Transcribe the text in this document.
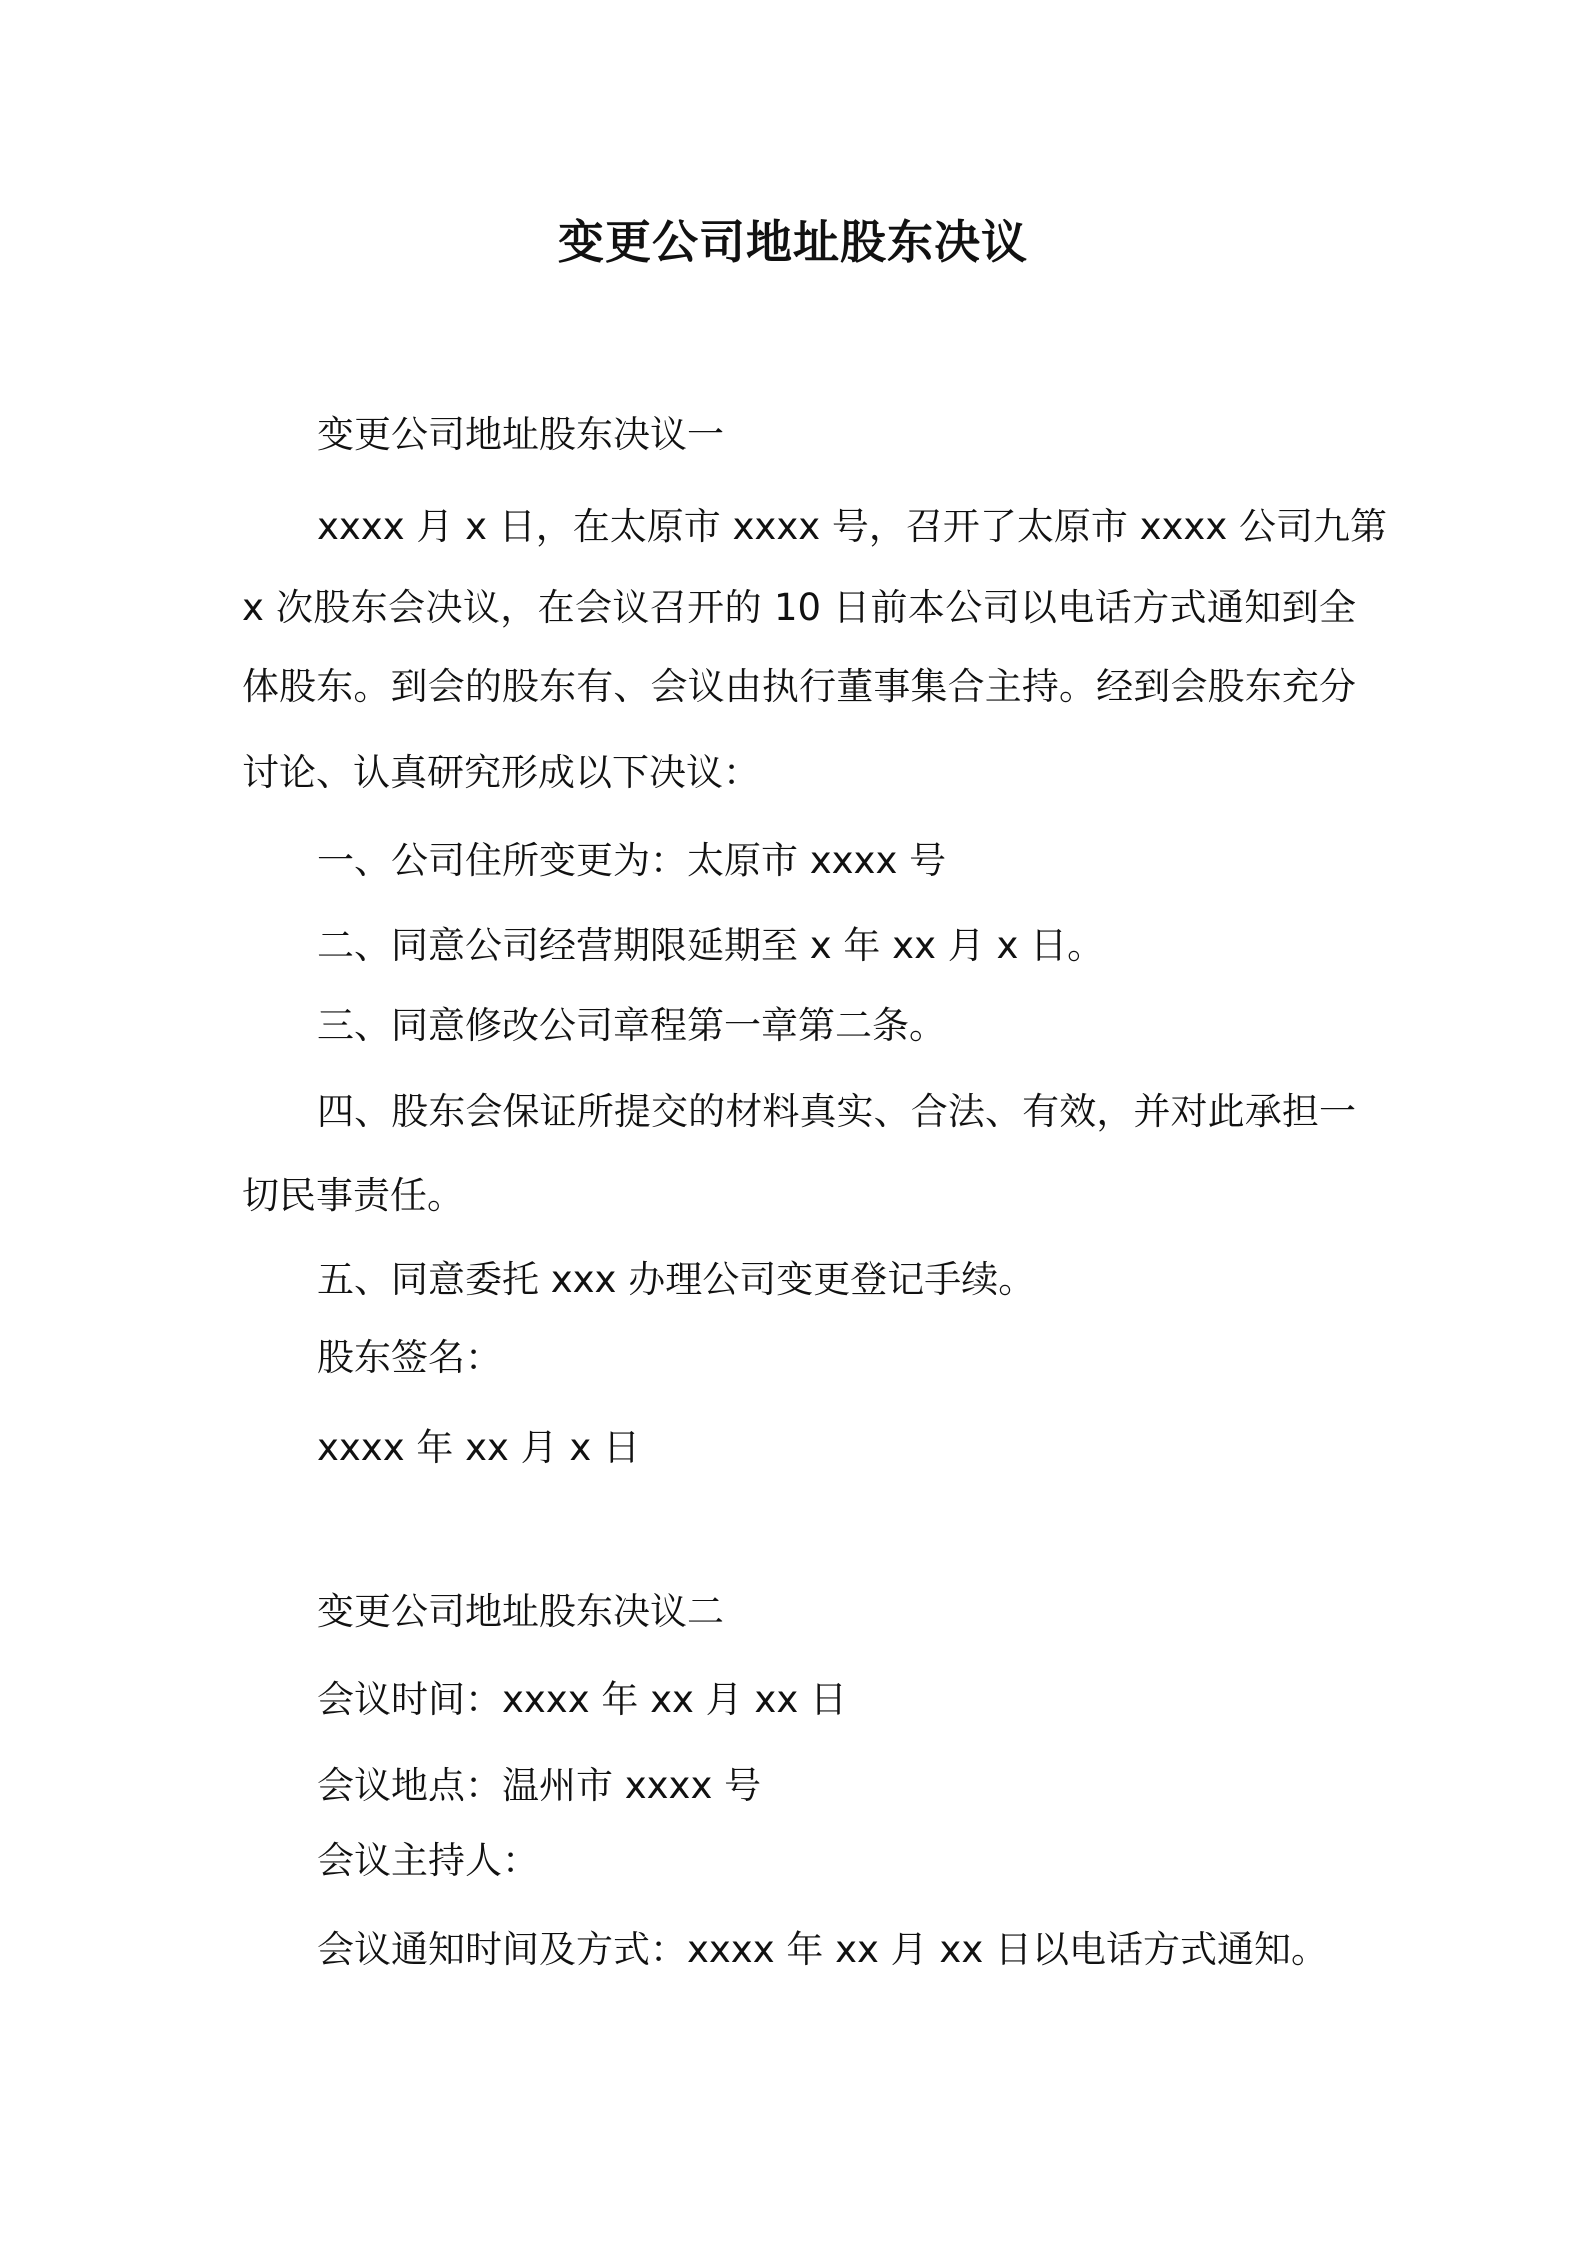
变更公司地址股东决议

变更公司地址股东决议一

xxxx 月 x 日，在太原市 xxxx 号，召开了太原市 xxxx 公司九第

x 次股东会决议，在会议召开的 10 日前本公司以电话方式通知到全

体股东。到会的股东有、会议由执行董事集合主持。经到会股东充分

讨论、认真研究形成以下决议：

一、公司住所变更为：太原市 xxxx 号

二、同意公司经营期限延期至 x 年 xx 月 x 日。

三、同意修改公司章程第一章第二条。

四、股东会保证所提交的材料真实、合法、有效，并对此承担一

切民事责任。

五、同意委托 xxx 办理公司变更登记手续。

股东签名：

xxxx 年 xx 月 x 日

变更公司地址股东决议二

会议时间：xxxx 年 xx 月 xx 日

会议地点：温州市 xxxx 号

会议主持人：

会议通知时间及方式：xxxx 年 xx 月 xx 日以电话方式通知。
